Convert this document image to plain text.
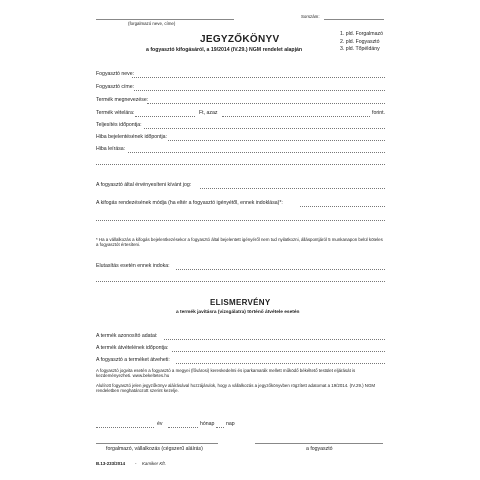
(forgalmazó neve, címe)
Sorszám:
JEGYZŐKÖNYV
a fogyasztó kifogásáról, a 19/2014 (IV.29.) NGM rendelet alapján
1. pld. Forgalmazó
2. pld. Fogyasztó
3. pld. Tőpéldány
Fogyasztó neve:
Fogyasztó címe:
Termék megnevezése:
Termék vételára:	Ft, azaz	forint.
Teljesítés időpontja:
Hiba bejelentésének időpontja:
Hiba leírása:
A fogyasztó által érvényesíteni kívánt jog:
A kifogás rendezésének módja (ha eltér a fogyasztó igényétől, ennek indoklása)*:
* Ha a vállalkozás a kifogás bejelentkezésekor a fogyasztó által bejelentett igényéről nem tud nyilatkozni, álláspontjáról 5 munkanapon belül köteles a fogyasztót értesíteni.
Elutasítás esetén ennek indoka:
ELISMERVÉNY
a termék javításra (vizsgálatra) történő átvétele esetén
A termék azonosító adatai:
A termék átvételének időpontja:
A fogyasztó a terméket átveheti:
A fogyasztó jogvita esetén a fogyasztó a megyei (fővárosi) kereskedelmi és iparkamarák mellett működő békéltető testület eljárását is kezdeményezheti. www.bekeltetes.hu
Alulírott fogyasztó jelen jegyzőkönyv aláírásával hozzájárulok, hogy a vállalkozás a jegyzőkönyvben rögzített adatomat a 19/2014. (IV.29.) NGM rendeletben meghatározott szerint kezelje.
év	hónap nap
forgalmazó, vállalkozás (cégszerű aláírás)	a fogyasztó
B.13-233/2014 - Kamiker Kft.
